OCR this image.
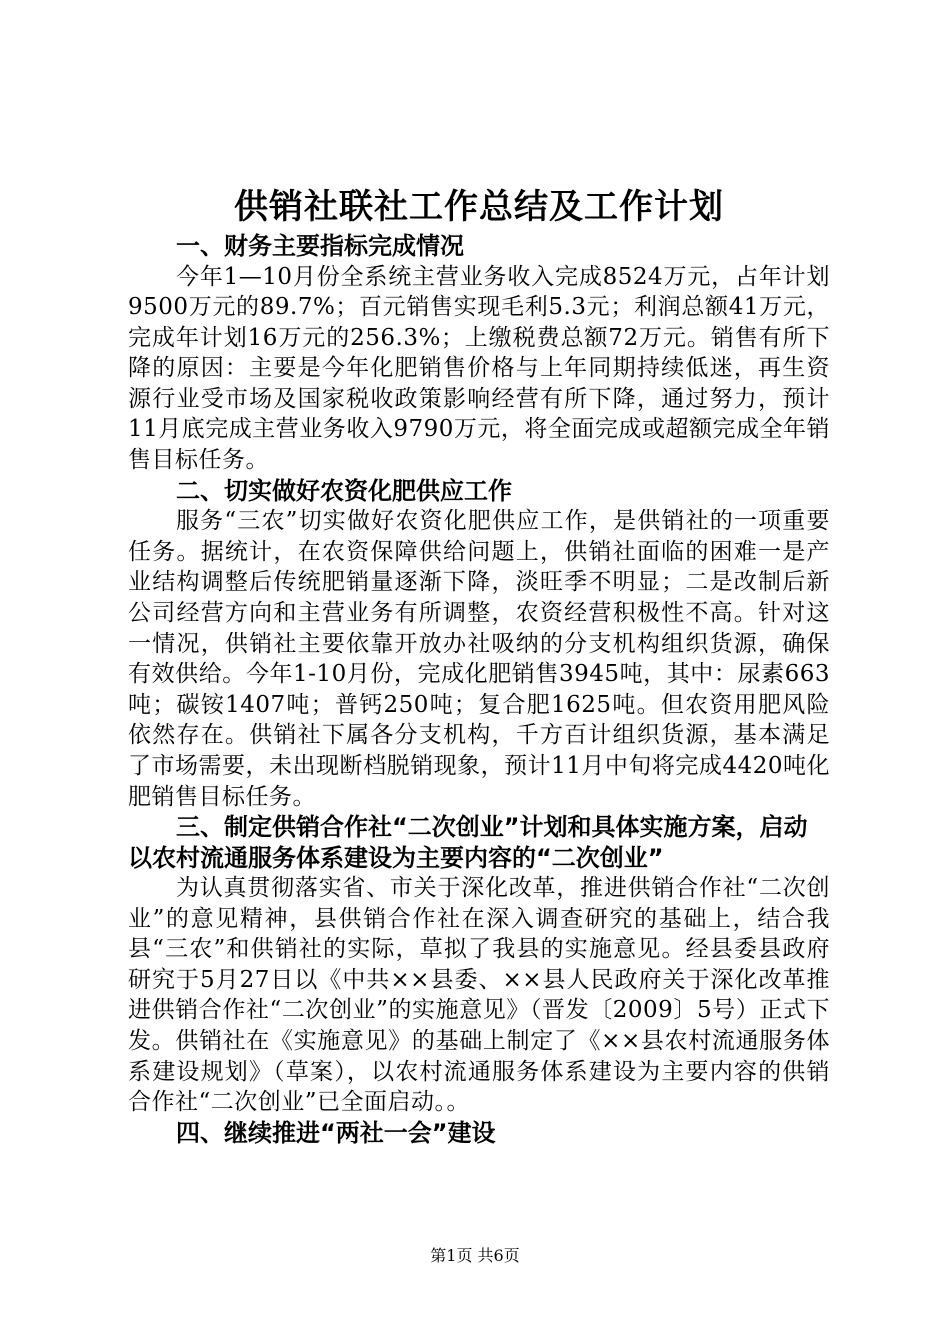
供销社联社工作总结及工作计划
一、财务主要指标完成情况

今年1—10月份全系统主营业务收入完成8524万元，占年计划9500万元的89.7%；百元销售实现毛利5.3元；利润总额41万元，完成年计划16万元的256.3%；上缴税费总额72万元。销售有所下降的原因：主要是今年化肥销售价格与上年同期持续低迷，再生资源行业受市场及国家税收政策影响经营有所下降，通过努力，预计11月底完成主营业务收入9790万元，将全面完成或超额完成全年销售目标任务。

二、切实做好农资化肥供应工作

服务“三农”切实做好农资化肥供应工作，是供销社的一项重要任务。据统计，在农资保障供给问题上，供销社面临的困难一是产业结构调整后传统肥销量逐渐下降，淡旺季不明显；二是改制后新公司经营方向和主营业务有所调整，农资经营积极性不高。针对这一情况，供销社主要依靠开放办社吸纳的分支机构组织货源，确保有效供给。今年1-10月份，完成化肥销售3945吨，其中：尿素663吨；碳铵1407吨；普钙250吨；复合肥1625吨。但农资用肥风险依然存在。供销社下属各分支机构，千方百计组织货源，基本满足了市场需要，未出现断档脱销现象，预计11月中旬将完成4420吨化肥销售目标任务。

三、制定供销合作社“二次创业”计划和具体实施方案，启动以农村流通服务体系建设为主要内容的“二次创业”

为认真贯彻落实省、市关于深化改革，推进供销合作社“二次创业”的意见精神，县供销合作社在深入调查研究的基础上，结合我县“三农”和供销社的实际，草拟了我县的实施意见。经县委县政府研究于5月27日以《中共××县委、××县人民政府关于深化改革推进供销合作社“二次创业”的实施意见》（晋发〔2009〕5号）正式下发。供销社在《实施意见》的基础上制定了《××县农村流通服务体系建设规划》（草案），以农村流通服务体系建设为主要内容的供销合作社“二次创业”已全面启动。。

四、继续推进“两社一会”建设
第1页 共6页
